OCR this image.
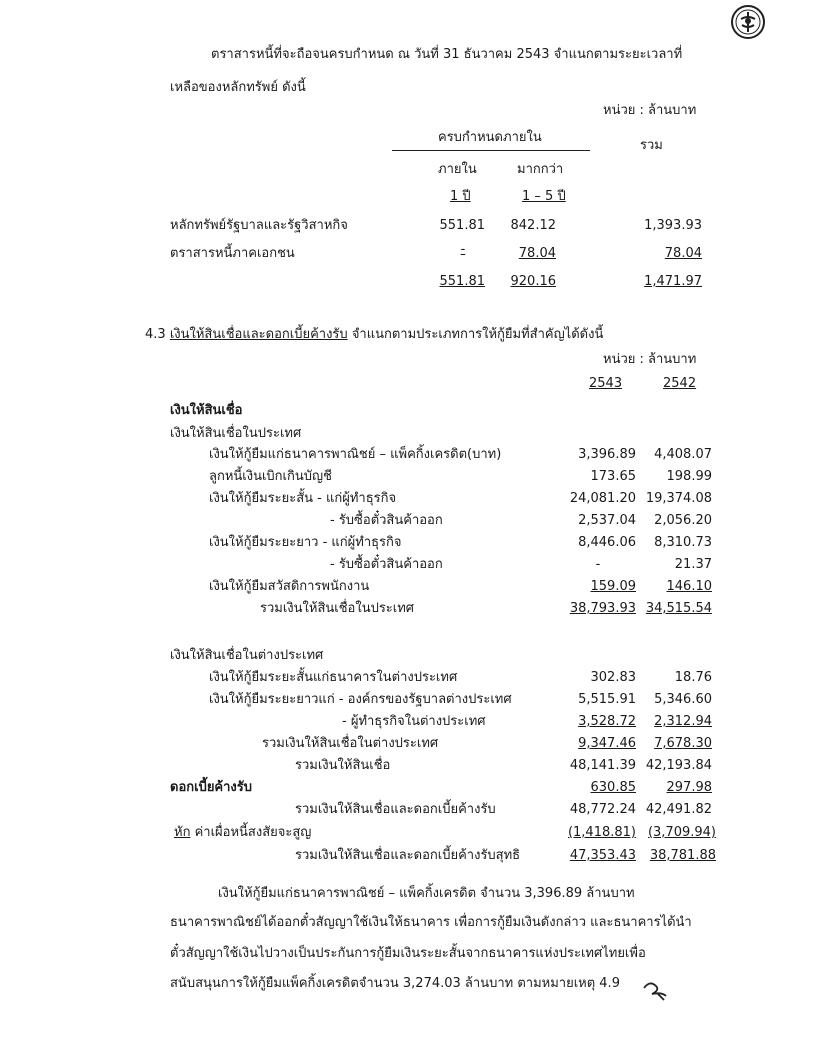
ตราสารหนี้ที่จะถือจนครบกำหนด ณ วันที่ 31 ธันวาคม 2543 จำแนกตามระยะเวลาที่
เหลือของหลักทรัพย์ ดังนี้
หน่วย : ล้านบาท
ครบกำหนดภายใน
รวม
ภายใน	มากกว่า
1 ปี	1 – 5 ปี
หลักทรัพย์รัฐบาลและรัฐวิสาหกิจ	551.81	842.12	1,393.93
ตราสารหนี้ภาคเอกชน	-	78.04	78.04
551.81	920.16	1,471.97
4.3 เงินให้สินเชื่อและดอกเบี้ยค้างรับ จำแนกตามประเภทการให้กู้ยืมที่สำคัญได้ดังนี้
หน่วย : ล้านบาท
2543	2542
เงินให้สินเชื่อ
เงินให้สินเชื่อในประเทศ
เงินให้กู้ยืมแก่ธนาคารพาณิชย์ – แพ็คกิ้งเครดิต(บาท)	3,396.89	4,408.07
ลูกหนี้เงินเบิกเกินบัญชี	173.65	198.99
เงินให้กู้ยืมระยะสั้น - แก่ผู้ทำธุรกิจ	24,081.20 19,374.08
- รับซื้อตั๋วสินค้าออก	2,537.04	2,056.20
เงินให้กู้ยืมระยะยาว - แก่ผู้ทำธุรกิจ	8,446.06	8,310.73
- รับซื้อตั๋วสินค้าออก	-	21.37
เงินให้กู้ยืมสวัสดิการพนักงาน	159.09	146.10
รวมเงินให้สินเชื่อในประเทศ	38,793.93 34,515.54
เงินให้สินเชื่อในต่างประเทศ
เงินให้กู้ยืมระยะสั้นแก่ธนาคารในต่างประเทศ	302.83	18.76
เงินให้กู้ยืมระยะยาวแก่ - องค์กรของรัฐบาลต่างประเทศ	5,515.91	5,346.60
- ผู้ทำธุรกิจในต่างประเทศ	3,528.72	2,312.94
รวมเงินให้สินเชื่อในต่างประเทศ	9,347.46	7,678.30
รวมเงินให้สินเชื่อ	48,141.39 42,193.84
ดอกเบี้ยค้างรับ	630.85	297.98
รวมเงินให้สินเชื่อและดอกเบี้ยค้างรับ	48,772.24 42,491.82
หัก ค่าเผื่อหนี้สงสัยจะสูญ	(1,418.81) (3,709.94)
รวมเงินให้สินเชื่อและดอกเบี้ยค้างรับสุทธิ	47,353.43	38,781.88
เงินให้กู้ยืมแก่ธนาคารพาณิชย์ – แพ็คกิ้งเครดิต จำนวน 3,396.89 ล้านบาท
ธนาคารพาณิชย์ได้ออกตั๋วสัญญาใช้เงินให้ธนาคาร เพื่อการกู้ยืมเงินดังกล่าว และธนาคารได้นำ
ตั๋วสัญญาใช้เงินไปวางเป็นประกันการกู้ยืมเงินระยะสั้นจากธนาคารแห่งประเทศไทยเพื่อ
สนับสนุนการให้กู้ยืมแพ็คกิ้งเครดิตจำนวน 3,274.03 ล้านบาท ตามหมายเหตุ 4.9
